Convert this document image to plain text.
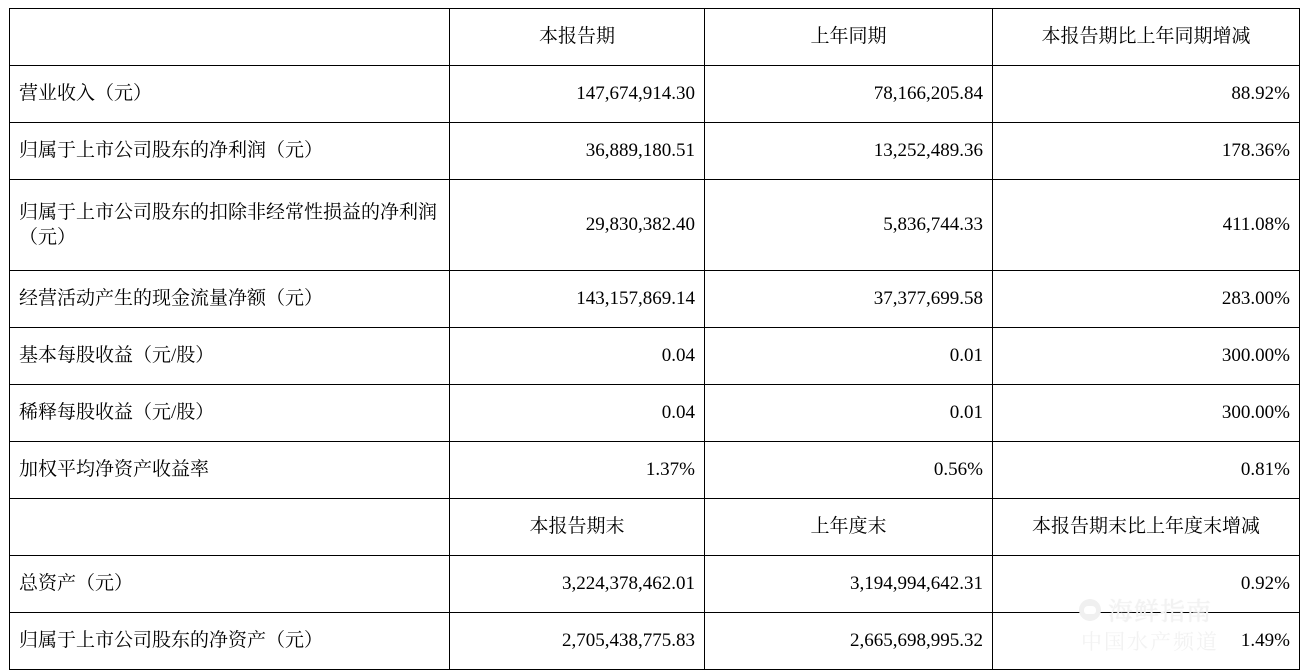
	本报告期	上年同期	本报告期比上年同期增减
营业收入（元）	147,674,914.30	78,166,205.84	88.92%
归属于上市公司股东的净利润（元）	36,889,180.51	13,252,489.36	178.36%
归属于上市公司股东的扣除非经常性损益的净利润（元）	29,830,382.40	5,836,744.33	411.08%
经营活动产生的现金流量净额（元）	143,157,869.14	37,377,699.58	283.00%
基本每股收益（元/股）	0.04	0.01	300.00%
稀释每股收益（元/股）	0.04	0.01	300.00%
加权平均净资产收益率	1.37%	0.56%	0.81%
	本报告期末	上年度末	本报告期末比上年度末增减
总资产（元）	3,224,378,462.01	3,194,994,642.31	0.92%
归属于上市公司股东的净资产（元）	2,705,438,775.83	2,665,698,995.32	1.49%
海鲜指南
中国水产频道
